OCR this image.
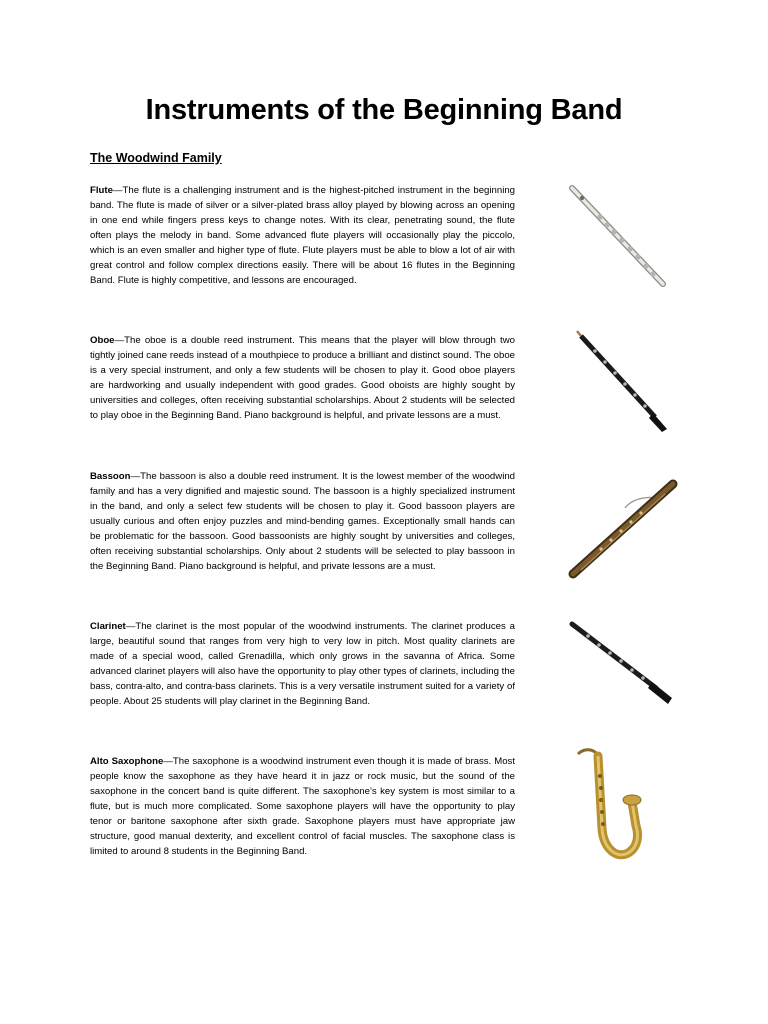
Instruments of the Beginning Band
The Woodwind Family

Flute—The flute is a challenging instrument and is the highest-pitched instrument in the beginning band. The flute is made of silver or a silver-plated brass alloy played by blowing across an opening in one end while fingers press keys to change notes. With its clear, penetrating sound, the flute often plays the melody in band. Some advanced flute players will occasionally play the piccolo, which is an even smaller and higher type of flute. Flute players must be able to blow a lot of air with great control and follow complex directions easily. There will be about 16 flutes in the Beginning Band. Flute is highly competitive, and lessons are encouraged.

Oboe—The oboe is a double reed instrument. This means that the player will blow through two tightly joined cane reeds instead of a mouthpiece to produce a brilliant and distinct sound. The oboe is a very special instrument, and only a few students will be chosen to play it. Good oboe players are hardworking and usually independent with good grades. Good oboists are highly sought by universities and colleges, often receiving substantial scholarships. About 2 students will be selected to play oboe in the Beginning Band. Piano background is helpful, and private lessons are a must.

Bassoon—The bassoon is also a double reed instrument. It is the lowest member of the woodwind family and has a very dignified and majestic sound. The bassoon is a highly specialized instrument in the band, and only a select few students will be chosen to play it. Good bassoon players are usually curious and often enjoy puzzles and mind-bending games. Exceptionally small hands can be problematic for the bassoon. Good bassoonists are highly sought by universities and colleges, often receiving substantial scholarships. Only about 2 students will be selected to play bassoon in the Beginning Band. Piano background is helpful, and private lessons are a must.

Clarinet—The clarinet is the most popular of the woodwind instruments. The clarinet produces a large, beautiful sound that ranges from very high to very low in pitch. Most quality clarinets are made of a special wood, called Grenadilla, which only grows in the savanna of Africa. Some advanced clarinet players will also have the opportunity to play other types of clarinets, including the bass, contra-alto, and contra-bass clarinets. This is a very versatile instrument suited for a variety of people. About 25 students will play clarinet in the Beginning Band.

Alto Saxophone—The saxophone is a woodwind instrument even though it is made of brass. Most people know the saxophone as they have heard it in jazz or rock music, but the sound of the saxophone in the concert band is quite different. The saxophone’s key system is most similar to a flute, but is much more complicated. Some saxophone players will have the opportunity to play tenor or baritone saxophone after sixth grade. Saxophone players must have appropriate jaw structure, good manual dexterity, and excellent control of facial muscles. The saxophone class is limited to around 8 students in the Beginning Band.
